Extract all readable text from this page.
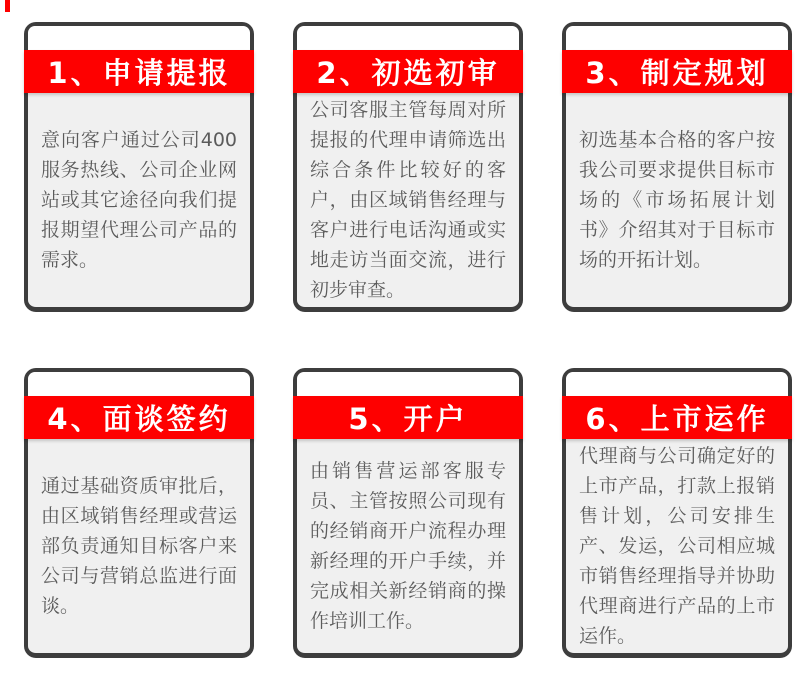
1、申请提报

意向客户通过公司400服务热线、公司企业网站或其它途径向我们提报期望代理公司产品的需求。

2、初选初审

公司客服主管每周对所提报的代理申请筛选出综合条件比较好的客户，由区域销售经理与客户进行电话沟通或实地走访当面交流，进行初步审查。

3、制定规划

初选基本合格的客户按我公司要求提供目标市场的《市场拓展计划书》介绍其对于目标市场的开拓计划。

4、面谈签约

通过基础资质审批后，由区域销售经理或营运部负责通知目标客户来公司与营销总监进行面谈。

5、开户

由销售营运部客服专员、主管按照公司现有的经销商开户流程办理新经理的开户手续，并完成相关新经销商的操作培训工作。

6、上市运作

代理商与公司确定好的上市产品，打款上报销售计划，公司安排生产、发运，公司相应城市销售经理指导并协助代理商进行产品的上市运作。
